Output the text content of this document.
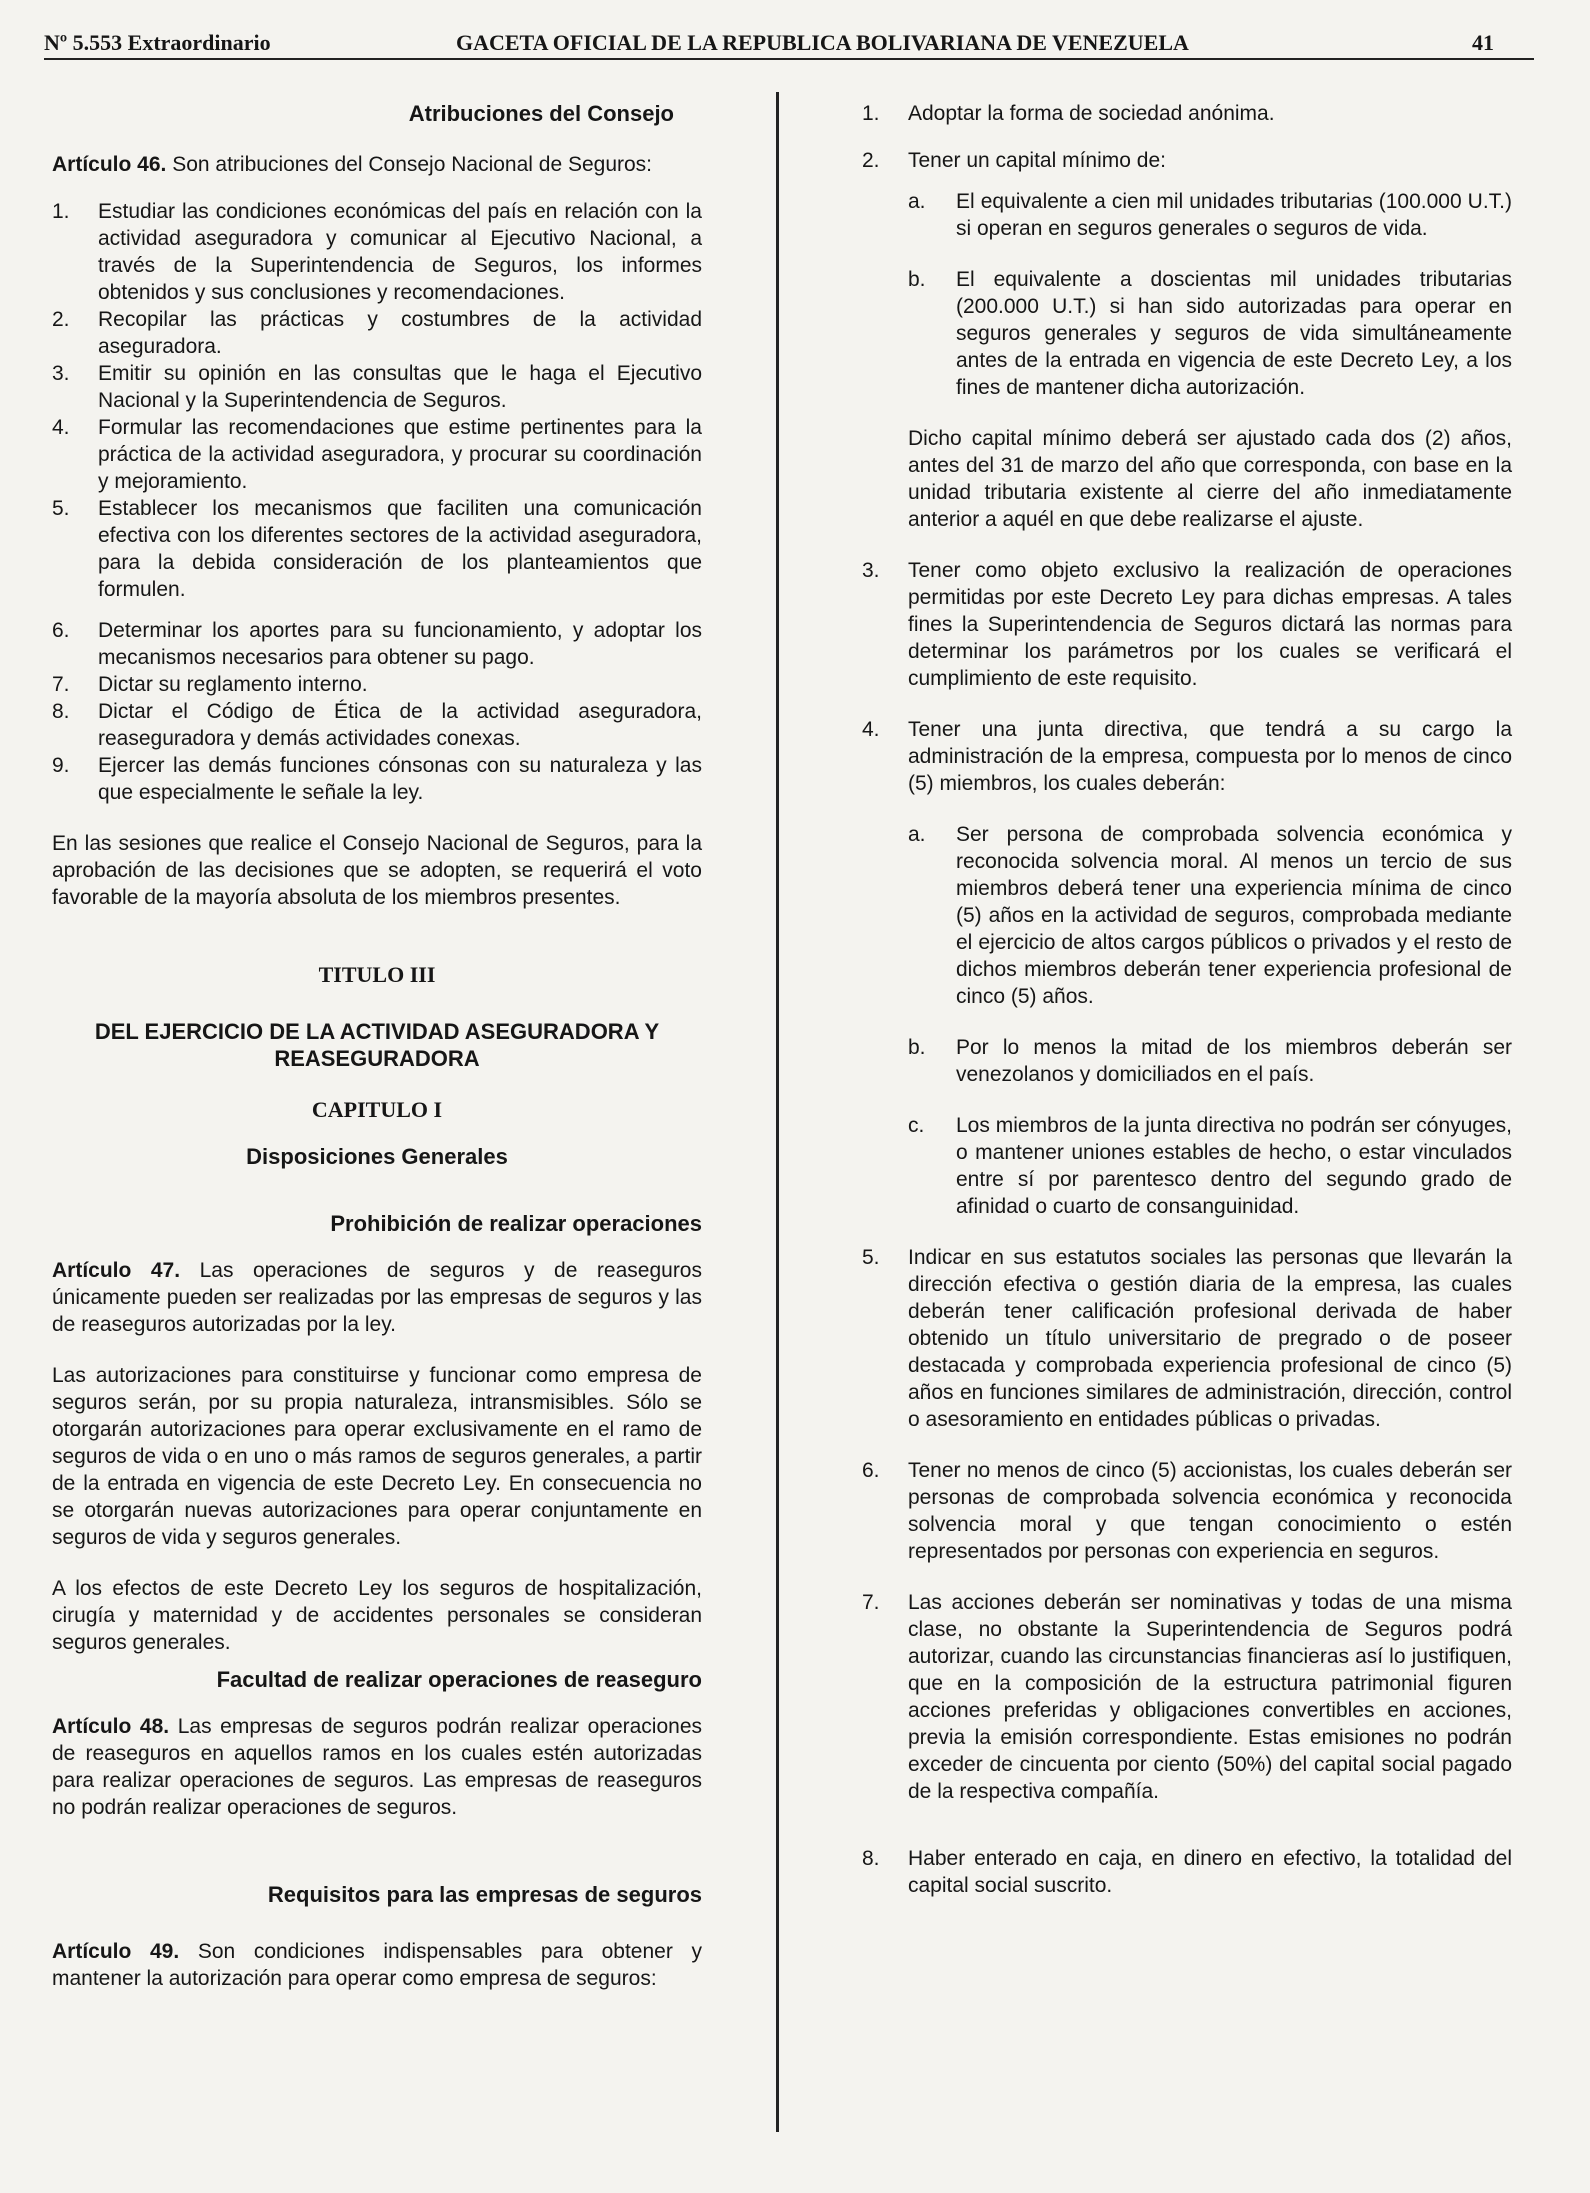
Nº 5.553 Extraordinario	GACETA OFICIAL DE LA REPUBLICA BOLIVARIANA DE VENEZUELA	41

Atribuciones del Consejo

Artículo 46. Son atribuciones del Consejo Nacional de Seguros:

1. Estudiar las condiciones económicas del país en relación con la actividad aseguradora y comunicar al Ejecutivo Nacional, a través de la Superintendencia de Seguros, los informes obtenidos y sus conclusiones y recomendaciones.
2. Recopilar las prácticas y costumbres de la actividad aseguradora.
3. Emitir su opinión en las consultas que le haga el Ejecutivo Nacional y la Superintendencia de Seguros.
4. Formular las recomendaciones que estime pertinentes para la práctica de la actividad aseguradora, y procurar su coordinación y mejoramiento.
5. Establecer los mecanismos que faciliten una comunicación efectiva con los diferentes sectores de la actividad aseguradora, para la debida consideración de los planteamientos que formulen.
6. Determinar los aportes para su funcionamiento, y adoptar los mecanismos necesarios para obtener su pago.
7. Dictar su reglamento interno.
8. Dictar el Código de Ética de la actividad aseguradora, reaseguradora y demás actividades conexas.
9. Ejercer las demás funciones cónsonas con su naturaleza y las que especialmente le señale la ley.

En las sesiones que realice el Consejo Nacional de Seguros, para la aprobación de las decisiones que se adopten, se requerirá el voto favorable de la mayoría absoluta de los miembros presentes.

TITULO III

DEL EJERCICIO DE LA ACTIVIDAD ASEGURADORA Y REASEGURADORA

CAPITULO I

Disposiciones Generales

Prohibición de realizar operaciones

Artículo 47. Las operaciones de seguros y de reaseguros únicamente pueden ser realizadas por las empresas de seguros y las de reaseguros autorizadas por la ley.

Las autorizaciones para constituirse y funcionar como empresa de seguros serán, por su propia naturaleza, intransmisibles. Sólo se otorgarán autorizaciones para operar exclusivamente en el ramo de seguros de vida o en uno o más ramos de seguros generales, a partir de la entrada en vigencia de este Decreto Ley. En consecuencia no se otorgarán nuevas autorizaciones para operar conjuntamente en seguros de vida y seguros generales.

A los efectos de este Decreto Ley los seguros de hospitalización, cirugía y maternidad y de accidentes personales se consideran seguros generales.

Facultad de realizar operaciones de reaseguro

Artículo 48. Las empresas de seguros podrán realizar operaciones de reaseguros en aquellos ramos en los cuales estén autorizadas para realizar operaciones de seguros. Las empresas de reaseguros no podrán realizar operaciones de seguros.

Requisitos para las empresas de seguros

Artículo 49. Son condiciones indispensables para obtener y mantener la autorización para operar como empresa de seguros:

1. Adoptar la forma de sociedad anónima.
2. Tener un capital mínimo de:
a. El equivalente a cien mil unidades tributarias (100.000 U.T.) si operan en seguros generales o seguros de vida.
b. El equivalente a doscientas mil unidades tributarias (200.000 U.T.) si han sido autorizadas para operar en seguros generales y seguros de vida simultáneamente antes de la entrada en vigencia de este Decreto Ley, a los fines de mantener dicha autorización.

Dicho capital mínimo deberá ser ajustado cada dos (2) años, antes del 31 de marzo del año que corresponda, con base en la unidad tributaria existente al cierre del año inmediatamente anterior a aquél en que debe realizarse el ajuste.

3. Tener como objeto exclusivo la realización de operaciones permitidas por este Decreto Ley para dichas empresas. A tales fines la Superintendencia de Seguros dictará las normas para determinar los parámetros por los cuales se verificará el cumplimiento de este requisito.
4. Tener una junta directiva, que tendrá a su cargo la administración de la empresa, compuesta por lo menos de cinco (5) miembros, los cuales deberán:
a. Ser persona de comprobada solvencia económica y reconocida solvencia moral. Al menos un tercio de sus miembros deberá tener una experiencia mínima de cinco (5) años en la actividad de seguros, comprobada mediante el ejercicio de altos cargos públicos o privados y el resto de dichos miembros deberán tener experiencia profesional de cinco (5) años.
b. Por lo menos la mitad de los miembros deberán ser venezolanos y domiciliados en el país.
c. Los miembros de la junta directiva no podrán ser cónyuges, o mantener uniones estables de hecho, o estar vinculados entre sí por parentesco dentro del segundo grado de afinidad o cuarto de consanguinidad.
5. Indicar en sus estatutos sociales las personas que llevarán la dirección efectiva o gestión diaria de la empresa, las cuales deberán tener calificación profesional derivada de haber obtenido un título universitario de pregrado o de poseer destacada y comprobada experiencia profesional de cinco (5) años en funciones similares de administración, dirección, control o asesoramiento en entidades públicas o privadas.
6. Tener no menos de cinco (5) accionistas, los cuales deberán ser personas de comprobada solvencia económica y reconocida solvencia moral y que tengan conocimiento o estén representados por personas con experiencia en seguros.
7. Las acciones deberán ser nominativas y todas de una misma clase, no obstante la Superintendencia de Seguros podrá autorizar, cuando las circunstancias financieras así lo justifiquen, que en la composición de la estructura patrimonial figuren acciones preferidas y obligaciones convertibles en acciones, previa la emisión correspondiente. Estas emisiones no podrán exceder de cincuenta por ciento (50%) del capital social pagado de la respectiva compañía.
8. Haber enterado en caja, en dinero en efectivo, la totalidad del capital social suscrito.
